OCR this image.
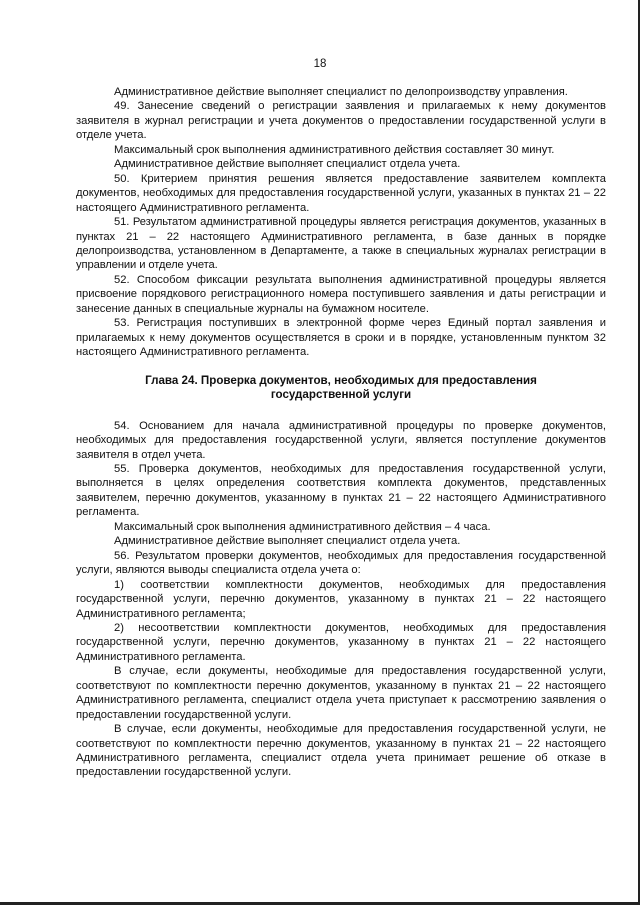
18

Административное действие выполняет специалист по делопроизводству управления.

49. Занесение сведений о регистрации заявления и прилагаемых к нему документов заявителя в журнал регистрации и учета документов о предоставлении государственной услуги в отделе учета.

Максимальный срок выполнения административного действия составляет 30 минут.

Административное действие выполняет специалист отдела учета.

50. Критерием принятия решения является предоставление заявителем комплекта документов, необходимых для предоставления государственной услуги, указанных в пунктах 21 – 22 настоящего Административного регламента.

51. Результатом административной процедуры является регистрация документов, указанных в пунктах 21 – 22 настоящего Административного регламента, в базе данных в порядке делопроизводства, установленном в Департаменте, а также в специальных журналах регистрации в управлении и отделе учета.

52. Способом фиксации результата выполнения административной процедуры является присвоение порядкового регистрационного номера поступившего заявления и даты регистрации и занесение данных в специальные журналы на бумажном носителе.

53. Регистрация поступивших в электронной форме через Единый портал заявления и прилагаемых к нему документов осуществляется в сроки и в порядке, установленным пунктом 32 настоящего Административного регламента.

Глава 24. Проверка документов, необходимых для предоставления государственной услуги

54. Основанием для начала административной процедуры по проверке документов, необходимых для предоставления государственной услуги, является поступление документов заявителя в отдел учета.

55. Проверка документов, необходимых для предоставления государственной услуги, выполняется в целях определения соответствия комплекта документов, представленных заявителем, перечню документов, указанному в пунктах 21 – 22 настоящего Административного регламента.

Максимальный срок выполнения административного действия – 4 часа.

Административное действие выполняет специалист отдела учета.

56. Результатом проверки документов, необходимых для предоставления государственной услуги, являются выводы специалиста отдела учета о:

1) соответствии комплектности документов, необходимых для предоставления государственной услуги, перечню документов, указанному в пунктах 21 – 22 настоящего Административного регламента;

2) несоответствии комплектности документов, необходимых для предоставления государственной услуги, перечню документов, указанному в пунктах 21 – 22 настоящего Административного регламента.

В случае, если документы, необходимые для предоставления государственной услуги, соответствуют по комплектности перечню документов, указанному в пунктах 21 – 22 настоящего Административного регламента, специалист отдела учета приступает к рассмотрению заявления о предоставлении государственной услуги.

В случае, если документы, необходимые для предоставления государственной услуги, не соответствуют по комплектности перечню документов, указанному в пунктах 21 – 22 настоящего Административного регламента, специалист отдела учета принимает решение об отказе в предоставлении государственной услуги.
